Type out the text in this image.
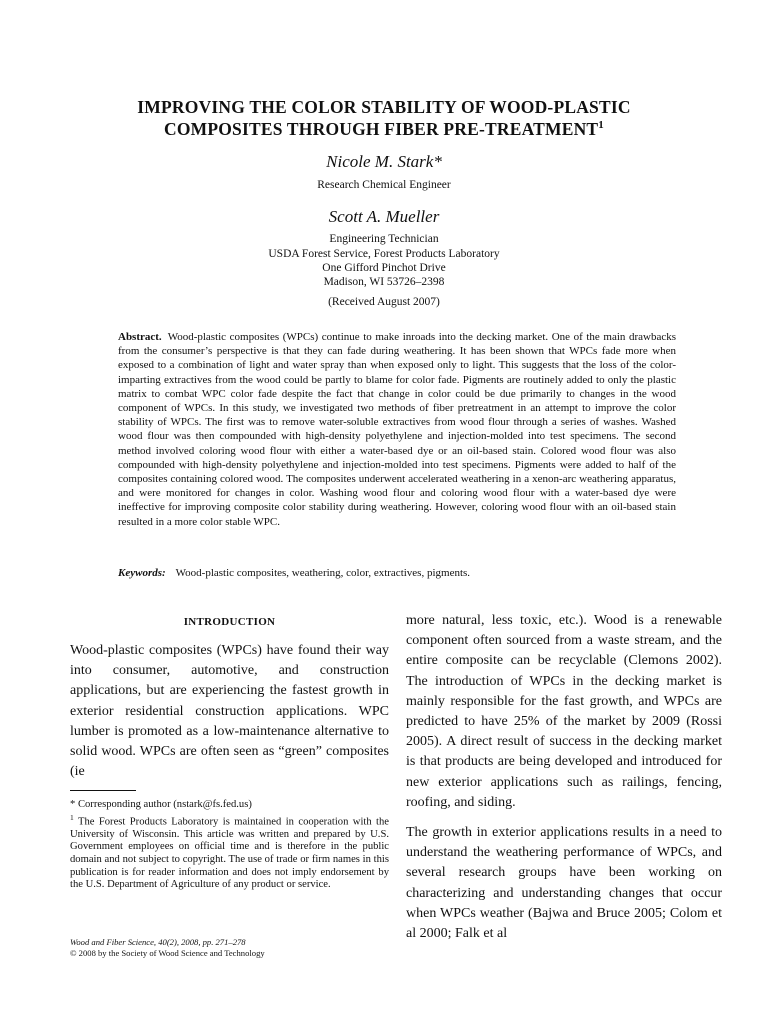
IMPROVING THE COLOR STABILITY OF WOOD-PLASTIC
COMPOSITES THROUGH FIBER PRE-TREATMENT$^1$
Nicole M. Stark*
Research Chemical Engineer
Scott A. Mueller
Engineering Technician
USDA Forest Service, Forest Products Laboratory
One Gifford Pinchot Drive
Madison, WI 53726–2398
(Received August 2007)
Abstract. Wood-plastic composites (WPCs) continue to make inroads into the decking market. One of the main drawbacks from the consumer’s perspective is that they can fade during weathering. It has been shown that WPCs fade more when exposed to a combination of light and water spray than when exposed only to light. This suggests that the loss of the color-imparting extractives from the wood could be partly to blame for color fade. Pigments are routinely added to only the plastic matrix to combat WPC color fade despite the fact that change in color could be due primarily to changes in the wood component of WPCs. In this study, we investigated two methods of fiber pretreatment in an attempt to improve the color stability of WPCs. The first was to remove water-soluble extractives from wood flour through a series of washes. Washed wood flour was then compounded with high-density polyethylene and injection-molded into test specimens. The second method involved coloring wood flour with either a water-based dye or an oil-based stain. Colored wood flour was also compounded with high-density polyethylene and injection-molded into test specimens. Pigments were added to half of the composites containing colored wood. The composites underwent accelerated weathering in a xenon-arc weathering apparatus, and were monitored for changes in color. Washing wood flour and coloring wood flour with a water-based dye were ineffective for improving composite color stability during weathering. However, coloring wood flour with an oil-based stain resulted in a more color stable WPC.
Keywords: Wood-plastic composites, weathering, color, extractives, pigments.
INTRODUCTION

Wood-plastic composites (WPCs) have found their way into consumer, automotive, and construction applications, but are experiencing the fastest growth in exterior residential construction applications. WPC lumber is promoted as a low-maintenance alternative to solid wood. WPCs are often seen as “green” composites (ie

more natural, less toxic, etc.). Wood is a renewable component often sourced from a waste stream, and the entire composite can be recyclable (Clemons 2002). The introduction of WPCs in the decking market is mainly responsible for the fast growth, and WPCs are predicted to have 25% of the market by 2009 (Rossi 2005). A direct result of success in the decking market is that products are being developed and introduced for new exterior applications such as railings, fencing, roofing, and siding.

The growth in exterior applications results in a need to understand the weathering performance of WPCs, and several research groups have been working on characterizing and understanding changes that occur when WPCs weather (Bajwa and Bruce 2005; Colom et al 2000; Falk et al

* Corresponding author (nstark@fs.fed.us)

$^1$ The Forest Products Laboratory is maintained in cooperation with the University of Wisconsin. This article was written and prepared by U.S. Government employees on official time and is therefore in the public domain and not subject to copyright. The use of trade or firm names in this publication is for reader information and does not imply endorsement by the U.S. Department of Agriculture of any product or service.

Wood and Fiber Science, 40(2), 2008, pp. 271–278
© 2008 by the Society of Wood Science and Technology
